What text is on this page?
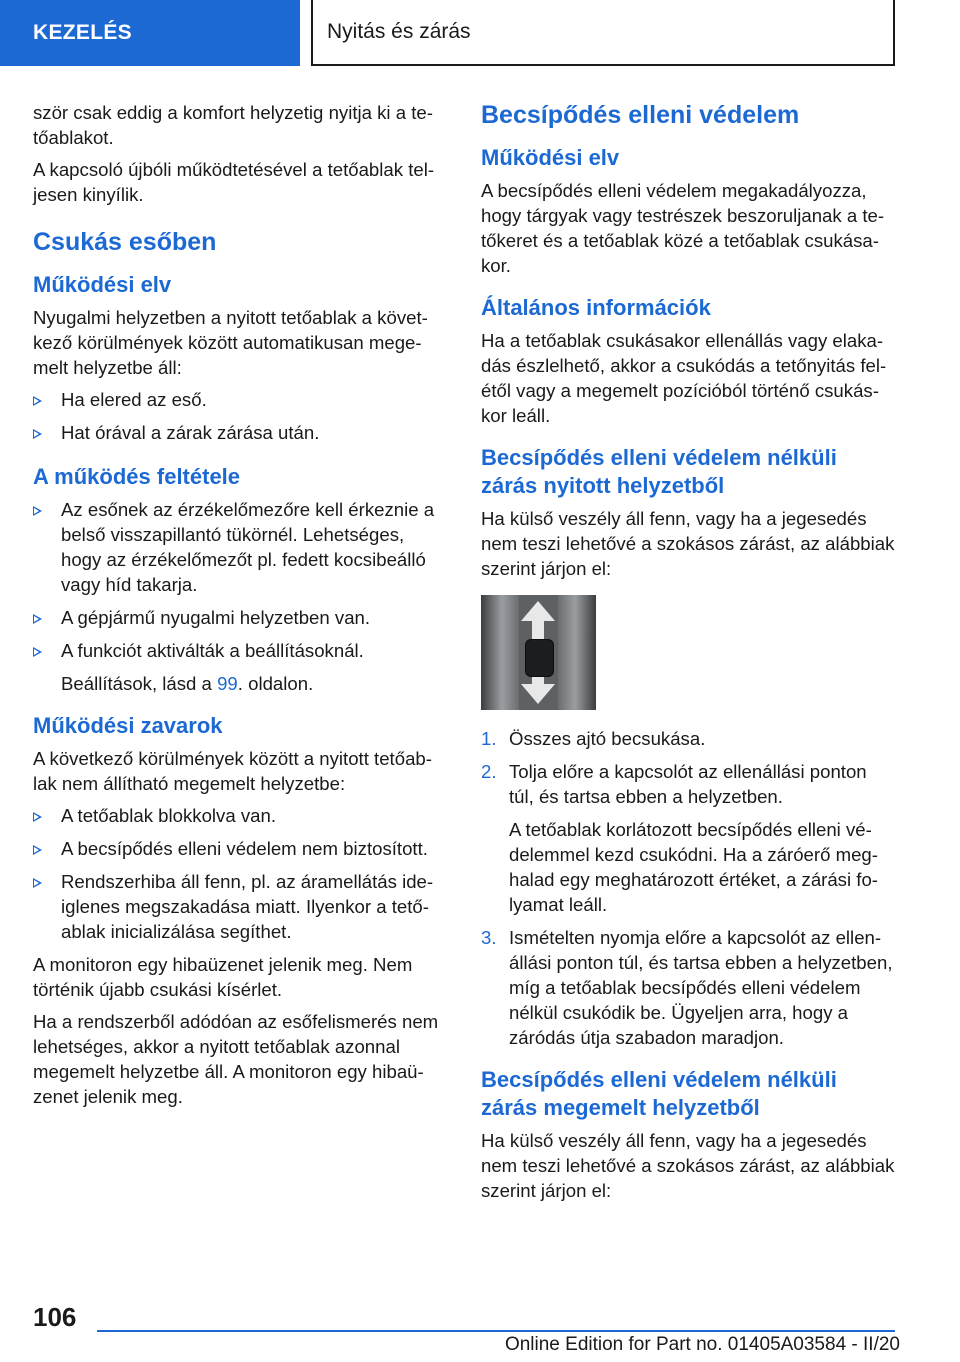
KEZELÉS	Nyitás és zárás

ször csak eddig a komfort helyzetig nyitja ki a tetőablakot.

A kapcsoló újbóli működtetésével a tetőablak teljesen kinyílik.

Csukás esőben
Működési elv

Nyugalmi helyzetben a nyitott tetőablak a következő körülmények között automatikusan megemelt helyzetbe áll:

Ha elered az eső.
Hat órával a zárak zárása után.
A működés feltétele
Az esőnek az érzékelőmezőre kell érkeznie a belső visszapillantó tükörnél. Lehetséges, hogy az érzékelőmezőt pl. fedett kocsibeálló vagy híd takarja.
A gépjármű nyugalmi helyzetben van.
A funkciót aktiválták a beállításoknál.
Beállítások, lásd a 99. oldalon.
Működési zavarok

A következő körülmények között a nyitott tetőablak nem állítható megemelt helyzetbe:

A tetőablak blokkolva van.
A becsípődés elleni védelem nem biztosított.
Rendszerhiba áll fenn, pl. az áramellátás ideiglenes megszakadása miatt. Ilyenkor a tetőablak inicializálása segíthet.

A monitoron egy hibaüzenet jelenik meg. Nem történik újabb csukási kísérlet.

Ha a rendszerből adódóan az esőfelismerés nem lehetséges, akkor a nyitott tetőablak azonnal megemelt helyzetbe áll. A monitoron egy hibaüzenet jelenik meg.

Becsípődés elleni védelem
Működési elv

A becsípődés elleni védelem megakadályozza, hogy tárgyak vagy testrészek beszoruljanak a tetőkeret és a tetőablak közé a tetőablak csukásakor.

Általános információk

Ha a tetőablak csukásakor ellenállás vagy elakadás észlelhető, akkor a csukódás a tetőnyitás felétől vagy a megemelt pozícióból történő csukáskor leáll.

Becsípődés elleni védelem nélküli zárás nyitott helyzetből

Ha külső veszély áll fenn, vagy ha a jegesedés nem teszi lehetővé a szokásos zárást, az alábbiak szerint járjon el:

1. Összes ajtó becsukása.
2. Tolja előre a kapcsolót az ellenállási ponton túl, és tartsa ebben a helyzetben.
A tetőablak korlátozott becsípődés elleni védelemmel kezd csukódni. Ha a záróerő meghalad egy meghatározott értéket, a zárási folyamat leáll.
3. Ismételten nyomja előre a kapcsolót az ellenállási ponton túl, és tartsa ebben a helyzetben, míg a tetőablak becsípődés elleni védelem nélkül csukódik be. Ügyeljen arra, hogy a záródás útja szabadon maradjon.
Becsípődés elleni védelem nélküli zárás megemelt helyzetből

Ha külső veszély áll fenn, vagy ha a jegesedés nem teszi lehetővé a szokásos zárást, az alábbiak szerint járjon el:

106
Online Edition for Part no. 01405A03584 - II/20
